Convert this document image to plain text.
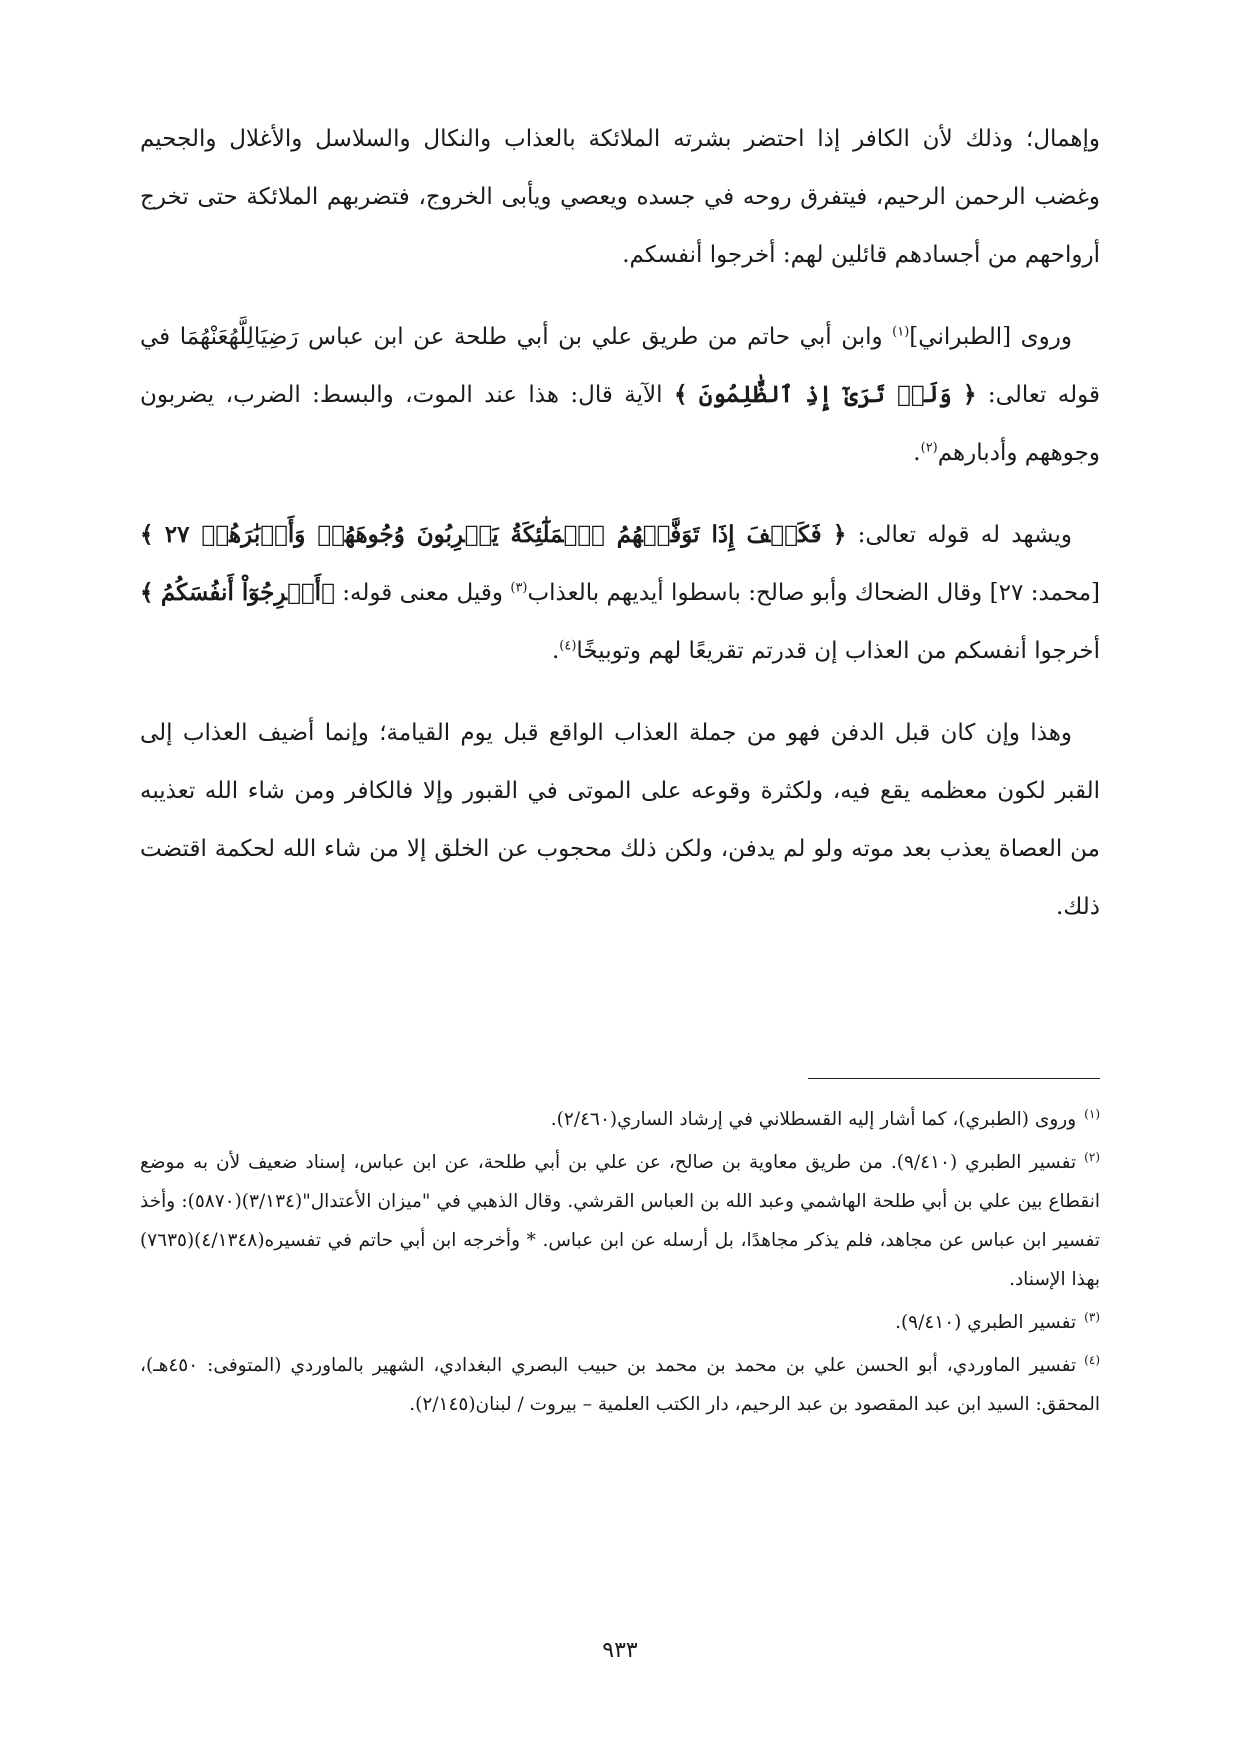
وإهمال؛ وذلك لأن الكافر إذا احتضر بشرته الملائكة بالعذاب والنكال والسلاسل والأغلال والجحيم وغضب الرحمن الرحيم، فيتفرق روحه في جسده ويعصي ويأبى الخروج، فتضربهم الملائكة حتى تخرج أرواحهم من أجسادهم قائلين لهم: أخرجوا أنفسكم.

وروى [الطبراني]$^{(١)}$ وابن أبي حاتم من طريق علي بن أبي طلحة عن ابن عباس رَضِيَالِلَّهُعَنْهُمَا في قوله تعالى: ﴿ وَلَوۡ تَرَىٰٓ إِذِ ٱلظَّٰلِمُونَ ﴾ الآية قال: هذا عند الموت، والبسط: الضرب، يضربون وجوههم وأدبارهم$^{(٢)}$.

ويشهد له قوله تعالى: ﴿ فَكَيۡفَ إِذَا تَوَفَّتۡهُمُ ٱلۡمَلَٰٓئِكَةُ يَضۡرِبُونَ وُجُوهَهُمۡ وَأَدۡبَٰرَهُمۡ ٢٧ ﴾ [محمد: ٢٧] وقال الضحاك وأبو صالح: باسطوا أيديهم بالعذاب$^{(٣)}$ وقيل معنى قوله: ﴿أَخۡرِجُوٓاْ أَنفُسَكُمُ ﴾ أخرجوا أنفسكم من العذاب إن قدرتم تقريعًا لهم وتوبيخًا$^{(٤)}$.

وهذا وإن كان قبل الدفن فهو من جملة العذاب الواقع قبل يوم القيامة؛ وإنما أضيف العذاب إلى القبر لكون معظمه يقع فيه، ولكثرة وقوعه على الموتى في القبور وإلا فالكافر ومن شاء الله تعذيبه من العصاة يعذب بعد موته ولو لم يدفن، ولكن ذلك محجوب عن الخلق إلا من شاء الله لحكمة اقتضت ذلك.

$^{(١)}$وروى (الطبري)، كما أشار إليه القسطلاني في إرشاد الساري(٢/٤٦٠).

$^{(٢)}$تفسير الطبري (٩/٤١٠). من طريق معاوية بن صالح، عن علي بن أبي طلحة، عن ابن عباس، إسناد ضعيف لأن به موضع انقطاع بين علي بن أبي طلحة الهاشمي وعبد الله بن العباس القرشي. وقال الذهبي في "ميزان الأعتدال"(٣/١٣٤)(٥٨٧٠): وأخذ تفسير ابن عباس عن مجاهد، فلم يذكر مجاهدًا، بل أرسله عن ابن عباس. * وأخرجه ابن أبي حاتم في تفسيره(٤/١٣٤٨)(٧٦٣٥) بهذا الإسناد.

$^{(٣)}$تفسير الطبري (٩/٤١٠).

$^{(٤)}$تفسير الماوردي، أبو الحسن علي بن محمد بن محمد بن حبيب البصري البغدادي، الشهير بالماوردي (المتوفى: ٤٥٠هـ)، المحقق: السيد ابن عبد المقصود بن عبد الرحيم، دار الكتب العلمية – بيروت / لبنان(٢/١٤٥).

٩٣٣
